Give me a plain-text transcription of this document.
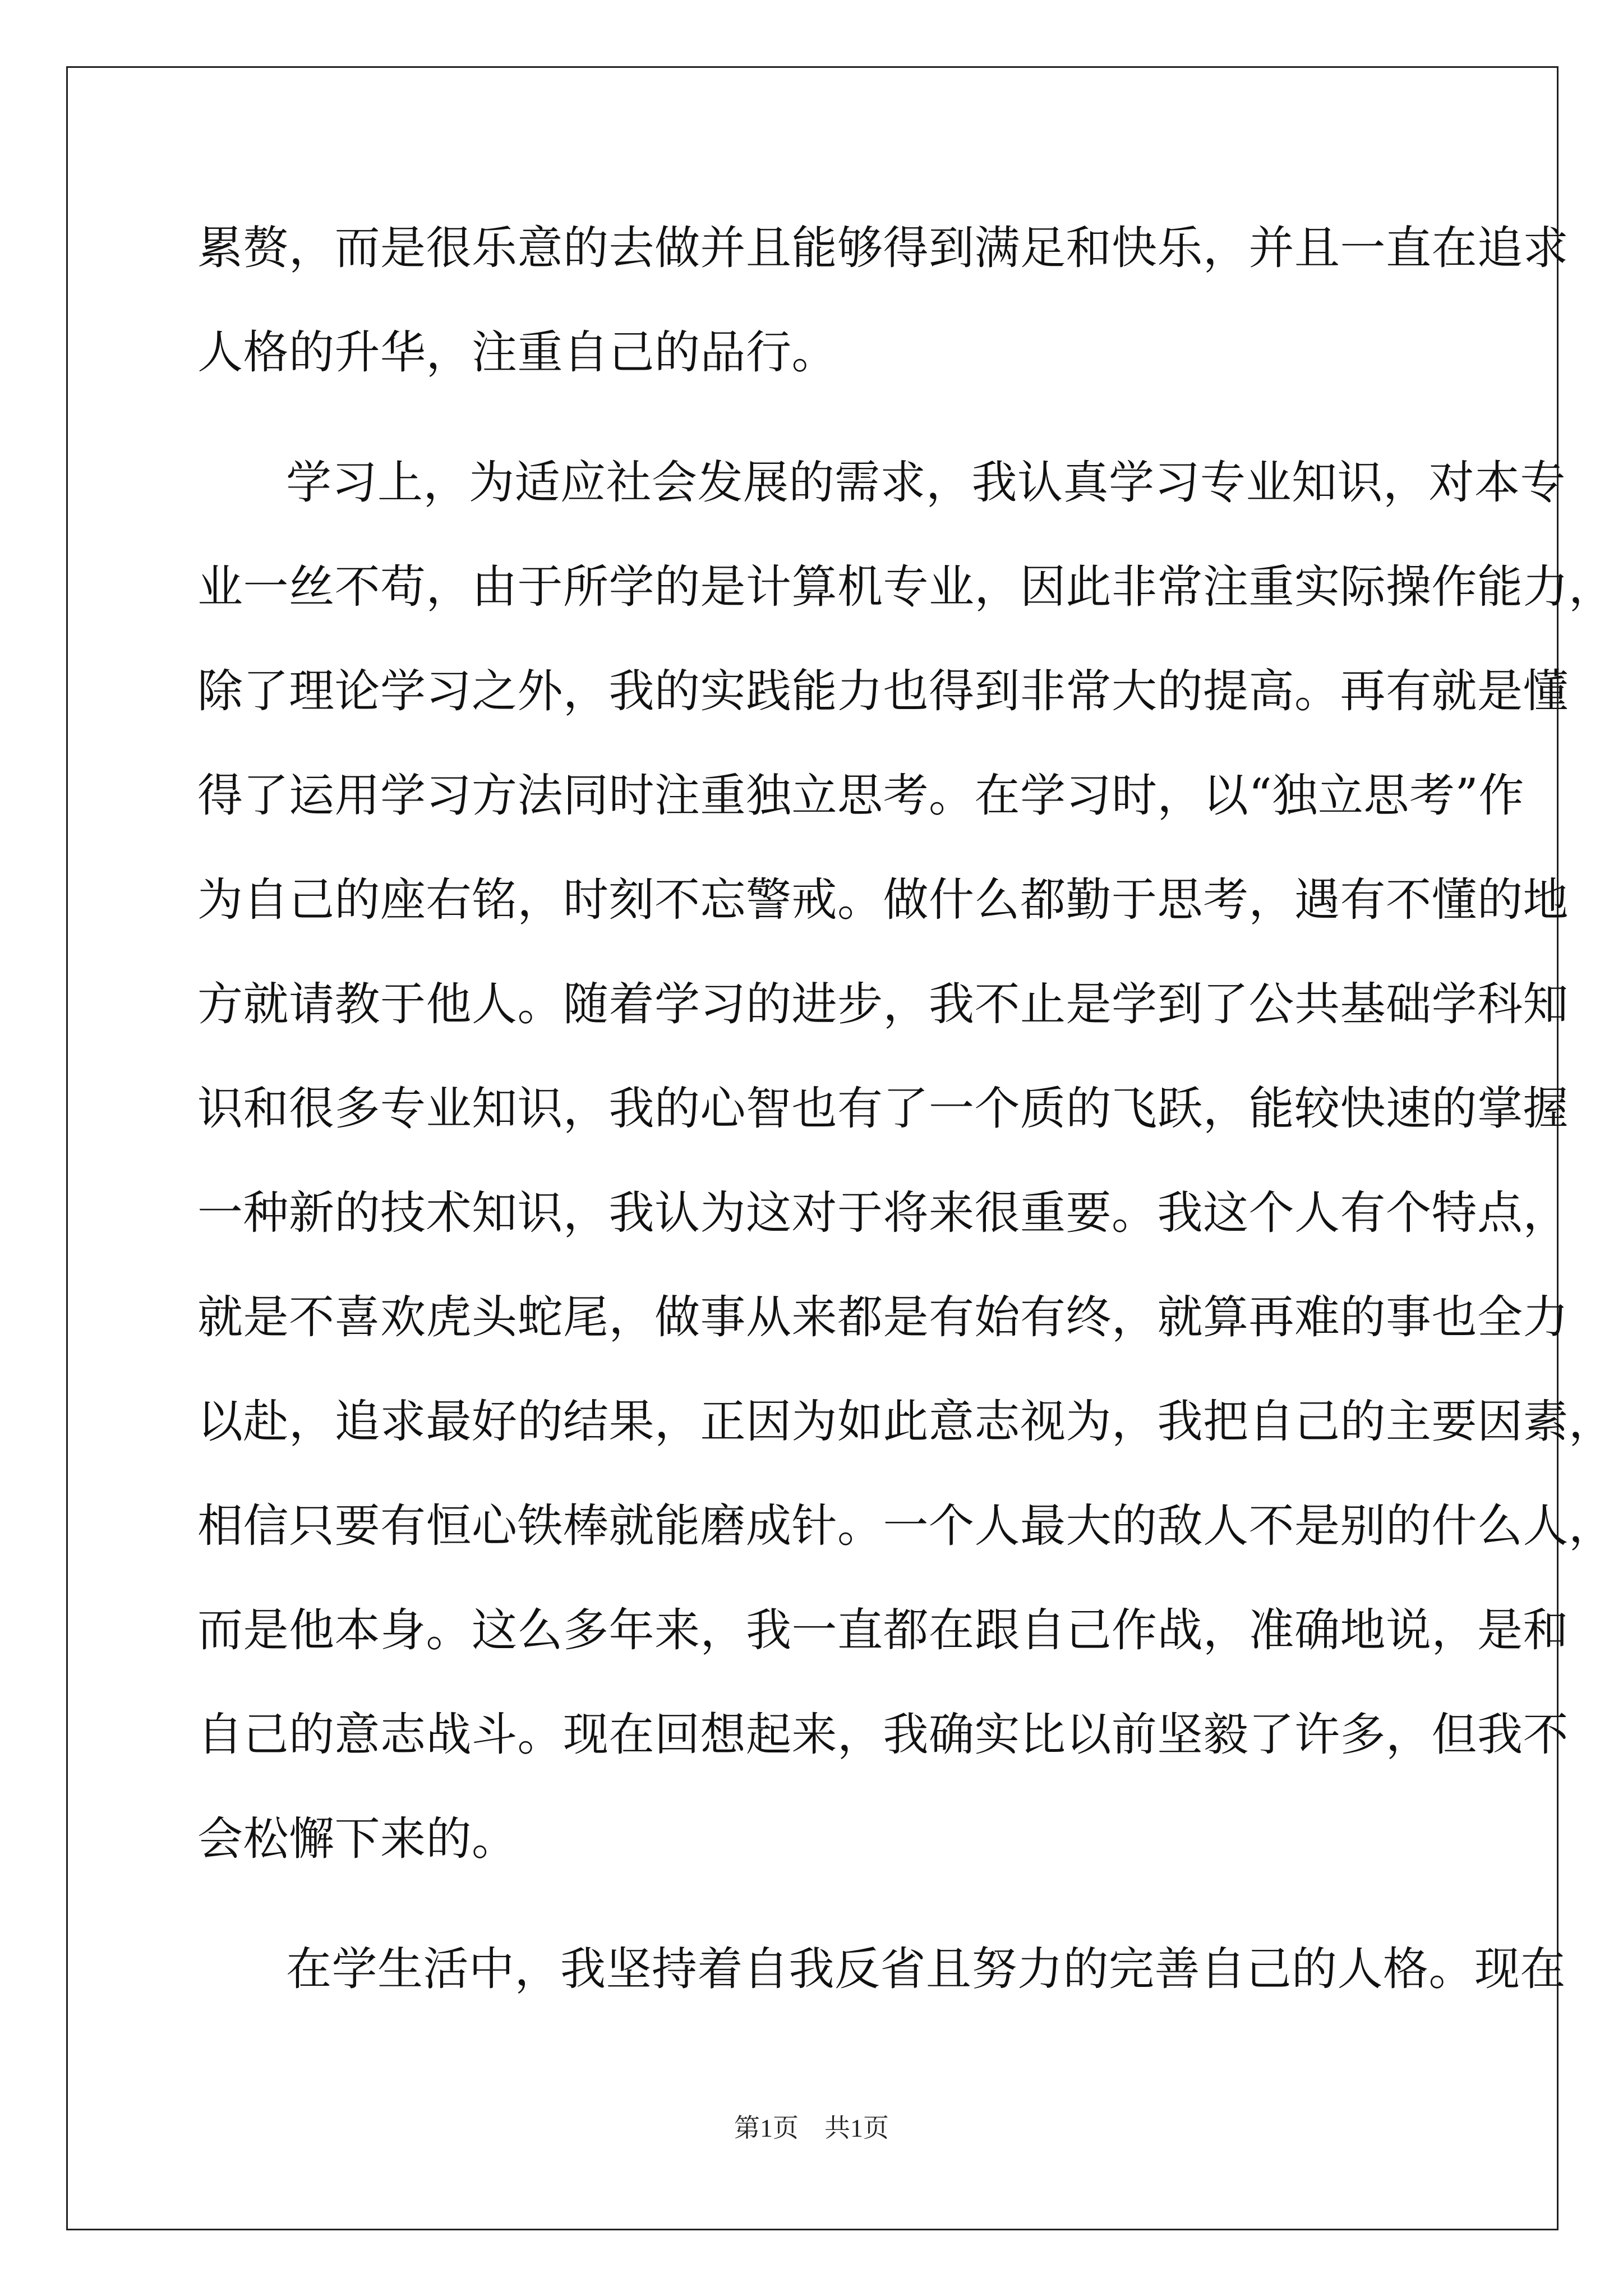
累赘，而是很乐意的去做并且能够得到满足和快乐，并且一直在追求
人格的升华，注重自己的品行。
学习上，为适应社会发展的需求，我认真学习专业知识，对本专
业一丝不苟，由于所学的是计算机专业，因此非常注重实际操作能力，
除了理论学习之外，我的实践能力也得到非常大的提高。再有就是懂
得了运用学习方法同时注重独立思考。在学习时，以“独立思考”作
为自己的座右铭，时刻不忘警戒。做什么都勤于思考，遇有不懂的地
方就请教于他人。随着学习的进步，我不止是学到了公共基础学科知
识和很多专业知识，我的心智也有了一个质的飞跃，能较快速的掌握
一种新的技术知识，我认为这对于将来很重要。我这个人有个特点，
就是不喜欢虎头蛇尾，做事从来都是有始有终，就算再难的事也全力
以赴，追求最好的结果，正因为如此意志视为，我把自己的主要因素，
相信只要有恒心铁棒就能磨成针。一个人最大的敌人不是别的什么人，
而是他本身。这么多年来，我一直都在跟自己作战，准确地说，是和
自己的意志战斗。现在回想起来，我确实比以前坚毅了许多，但我不
会松懈下来的。
在学生活中，我坚持着自我反省且努力的完善自己的人格。现在
第1页 共1页
